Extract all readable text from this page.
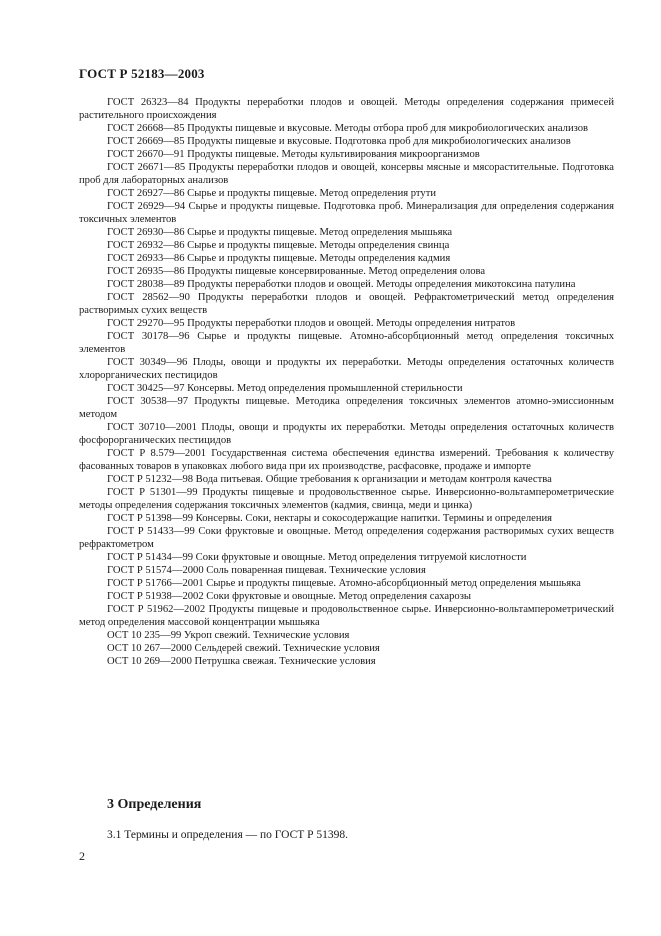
ГОСТ Р 52183—2003

ГОСТ 26323—84 Продукты переработки плодов и овощей. Методы определения содержания примесей растительного происхождения

ГОСТ 26668—85 Продукты пищевые и вкусовые. Методы отбора проб для микробиологических анализов

ГОСТ 26669—85 Продукты пищевые и вкусовые. Подготовка проб для микробиологических анализов

ГОСТ 26670—91 Продукты пищевые. Методы культивирования микроорганизмов

ГОСТ 26671—85 Продукты переработки плодов и овощей, консервы мясные и мясорастительные. Подготовка проб для лабораторных анализов

ГОСТ 26927—86 Сырье и продукты пищевые. Метод определения ртути

ГОСТ 26929—94 Сырье и продукты пищевые. Подготовка проб. Минерализация для определения содержания токсичных элементов

ГОСТ 26930—86 Сырье и продукты пищевые. Метод определения мышьяка

ГОСТ 26932—86 Сырье и продукты пищевые. Методы определения свинца

ГОСТ 26933—86 Сырье и продукты пищевые. Методы определения кадмия

ГОСТ 26935—86 Продукты пищевые консервированные. Метод определения олова

ГОСТ 28038—89 Продукты переработки плодов и овощей. Методы определения микотоксина патулина

ГОСТ 28562—90 Продукты переработки плодов и овощей. Рефрактометрический метод определения растворимых сухих веществ

ГОСТ 29270—95 Продукты переработки плодов и овощей. Методы определения нитратов

ГОСТ 30178—96 Сырье и продукты пищевые. Атомно-абсорбционный метод определения токсичных элементов

ГОСТ 30349—96 Плоды, овощи и продукты их переработки. Методы определения остаточных количеств хлорорганических пестицидов

ГОСТ 30425—97 Консервы. Метод определения промышленной стерильности

ГОСТ 30538—97 Продукты пищевые. Методика определения токсичных элементов атомно-эмиссионным методом

ГОСТ 30710—2001 Плоды, овощи и продукты их переработки. Методы определения остаточных количеств фосфорорганических пестицидов

ГОСТ Р 8.579—2001 Государственная система обеспечения единства измерений. Требования к количеству фасованных товаров в упаковках любого вида при их производстве, расфасовке, продаже и импорте

ГОСТ Р 51232—98 Вода питьевая. Общие требования к организации и методам контроля качества

ГОСТ Р 51301—99 Продукты пищевые и продовольственное сырье. Инверсионно-вольтамперометрические методы определения содержания токсичных элементов (кадмия, свинца, меди и цинка)

ГОСТ Р 51398—99 Консервы. Соки, нектары и сокосодержащие напитки. Термины и определения

ГОСТ Р 51433—99 Соки фруктовые и овощные. Метод определения содержания растворимых сухих веществ рефрактометром

ГОСТ Р 51434—99 Соки фруктовые и овощные. Метод определения титруемой кислотности

ГОСТ Р 51574—2000 Соль поваренная пищевая. Технические условия

ГОСТ Р 51766—2001 Сырье и продукты пищевые. Атомно-абсорбционный метод определения мышьяка

ГОСТ Р 51938—2002 Соки фруктовые и овощные. Метод определения сахарозы

ГОСТ Р 51962—2002 Продукты пищевые и продовольственное сырье. Инверсионно-вольтамперометрический метод определения массовой концентрации мышьяка

ОСТ 10 235—99 Укроп свежий. Технические условия

ОСТ 10 267—2000 Сельдерей свежий. Технические условия

ОСТ 10 269—2000 Петрушка свежая. Технические условия

3 Определения
3.1 Термины и определения — по ГОСТ Р 51398.
2
